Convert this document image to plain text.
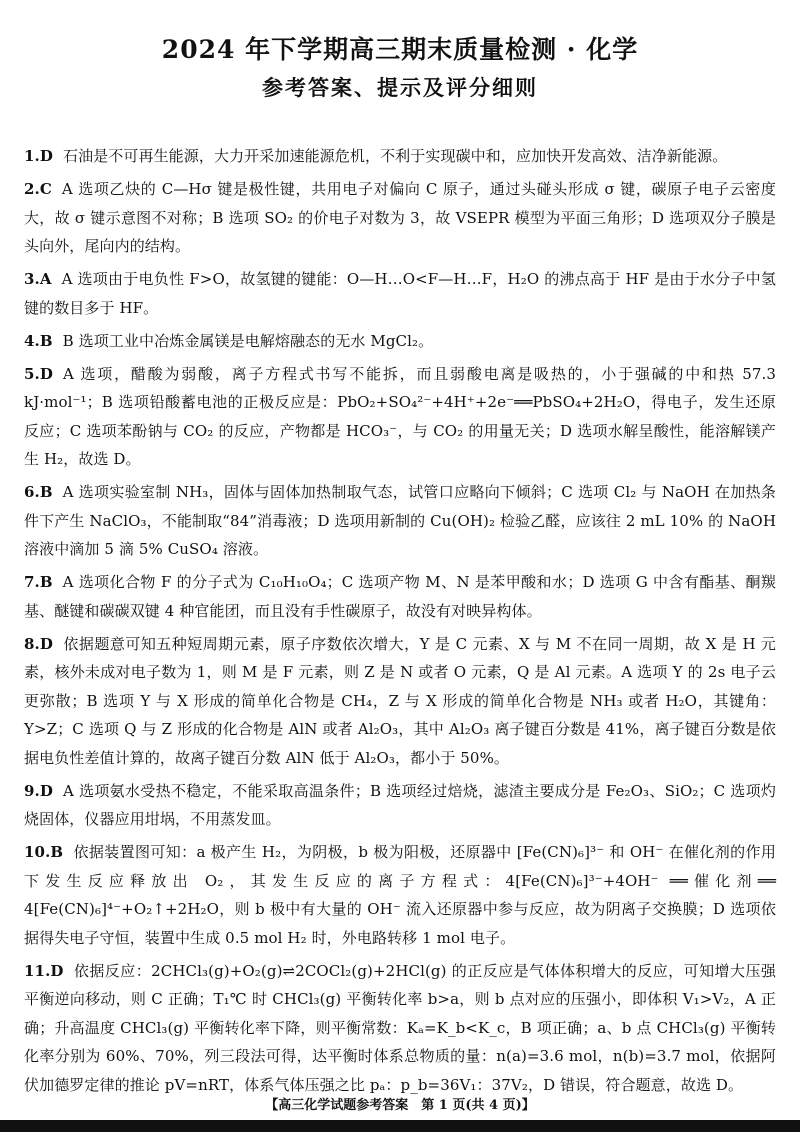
2024 年下学期高三期末质量检测 · 化学
参考答案、提示及评分细则
1.D 石油是不可再生能源，大力开采加速能源危机，不利于实现碳中和，应加快开发高效、洁净新能源。
2.C A 选项乙炔的 C—Hσ 键是极性键，共用电子对偏向 C 原子，通过头碰头形成 σ 键，碳原子电子云密度大，故 σ 键示意图不对称；B 选项 SO₂ 的价电子对数为 3，故 VSEPR 模型为平面三角形；D 选项双分子膜是头向外，尾向内的结构。
3.A A 选项由于电负性 F>O，故氢键的键能：O—H…O<F—H…F，H₂O 的沸点高于 HF 是由于水分子中氢键的数目多于 HF。
4.B B 选项工业中冶炼金属镁是电解熔融态的无水 MgCl₂。
5.D A 选项，醋酸为弱酸，离子方程式书写不能拆，而且弱酸电离是吸热的，小于强碱的中和热 57.3 kJ·mol⁻¹；B 选项铅酸蓄电池的正极反应是：PbO₂+SO₄²⁻+4H⁺+2e⁻══PbSO₄+2H₂O，得电子，发生还原反应；C 选项苯酚钠与 CO₂ 的反应，产物都是 HCO₃⁻，与 CO₂ 的用量无关；D 选项水解呈酸性，能溶解镁产生 H₂，故选 D。
6.B A 选项实验室制 NH₃，固体与固体加热制取气态，试管口应略向下倾斜；C 选项 Cl₂ 与 NaOH 在加热条件下产生 NaClO₃，不能制取“84”消毒液；D 选项用新制的 Cu(OH)₂ 检验乙醛，应该往 2 mL 10% 的 NaOH 溶液中滴加 5 滴 5% CuSO₄ 溶液。
7.B A 选项化合物 F 的分子式为 C₁₀H₁₀O₄；C 选项产物 M、N 是苯甲酸和水；D 选项 G 中含有酯基、酮羰基、醚键和碳碳双键 4 种官能团，而且没有手性碳原子，故没有对映异构体。
8.D 依据题意可知五种短周期元素，原子序数依次增大，Y 是 C 元素、X 与 M 不在同一周期，故 X 是 H 元素，核外未成对电子数为 1，则 M 是 F 元素，则 Z 是 N 或者 O 元素，Q 是 Al 元素。A 选项 Y 的 2s 电子云更弥散；B 选项 Y 与 X 形成的简单化合物是 CH₄，Z 与 X 形成的简单化合物是 NH₃ 或者 H₂O，其键角：Y>Z；C 选项 Q 与 Z 形成的化合物是 AlN 或者 Al₂O₃，其中 Al₂O₃ 离子键百分数是 41%，离子键百分数是依据电负性差值计算的，故离子键百分数 AlN 低于 Al₂O₃，都小于 50%。
9.D A 选项氨水受热不稳定，不能采取高温条件；B 选项经过焙烧，滤渣主要成分是 Fe₂O₃、SiO₂；C 选项灼烧固体，仪器应用坩埚，不用蒸发皿。
10.B 依据装置图可知：a 极产生 H₂，为阴极，b 极为阳极，还原器中 [Fe(CN)₆]³⁻ 和 OH⁻ 在催化剂的作用下发生反应释放出 O₂，其发生反应的离子方程式：4[Fe(CN)₆]³⁻+4OH⁻ ══催化剂══ 4[Fe(CN)₆]⁴⁻+O₂↑+2H₂O，则 b 极中有大量的 OH⁻ 流入还原器中参与反应，故为阴离子交换膜；D 选项依据得失电子守恒，装置中生成 0.5 mol H₂ 时，外电路转移 1 mol 电子。
11.D 依据反应：2CHCl₃(g)+O₂(g)⇌2COCl₂(g)+2HCl(g) 的正反应是气体体积增大的反应，可知增大压强平衡逆向移动，则 C 正确；T₁℃ 时 CHCl₃(g) 平衡转化率 b>a，则 b 点对应的压强小，即体积 V₁>V₂，A 正确；升高温度 CHCl₃(g) 平衡转化率下降，则平衡常数：Kₐ=K_b<K_c，B 项正确；a、b 点 CHCl₃(g) 平衡转化率分别为 60%、70%，列三段法可得，达平衡时体系总物质的量：n(a)=3.6 mol，n(b)=3.7 mol，依据阿伏加德罗定律的推论 pV=nRT，体系气体压强之比 pₐ：p_b=36V₁：37V₂，D 错误，符合题意，故选 D。
【高三化学试题参考答案　第 1 页(共 4 页)】
